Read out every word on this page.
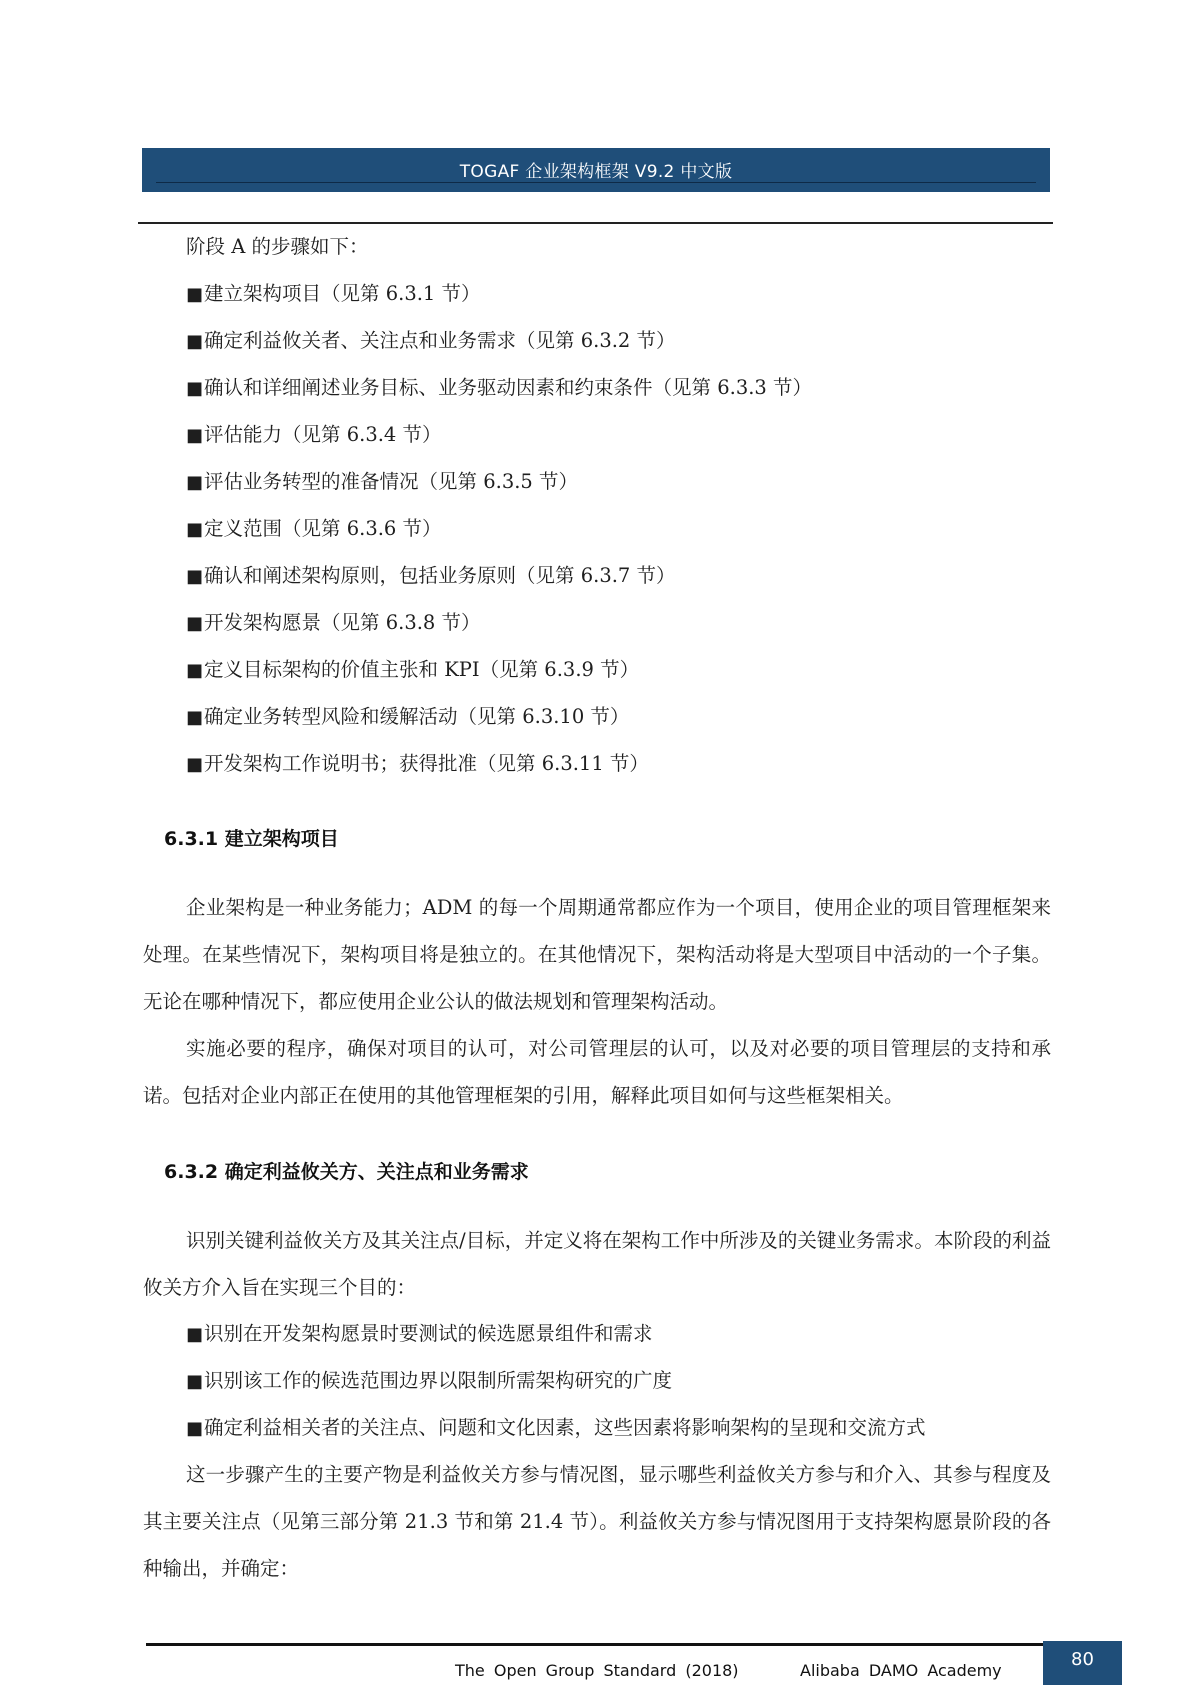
TOGAF 企业架构框架 V9.2 中文版
阶段 A 的步骤如下：
■建立架构项目（见第 6.3.1 节）
■确定利益攸关者、关注点和业务需求（见第 6.3.2 节）
■确认和详细阐述业务目标、业务驱动因素和约束条件（见第 6.3.3 节）
■评估能力（见第 6.3.4 节）
■评估业务转型的准备情况（见第 6.3.5 节）
■定义范围（见第 6.3.6 节）
■确认和阐述架构原则，包括业务原则（见第 6.3.7 节）
■开发架构愿景（见第 6.3.8 节）
■定义目标架构的价值主张和 KPI（见第 6.3.9 节）
■确定业务转型风险和缓解活动（见第 6.3.10 节）
■开发架构工作说明书；获得批准（见第 6.3.11 节）
6.3.1 建立架构项目
企业架构是一种业务能力；ADM 的每一个周期通常都应作为一个项目，使用企业的项目管理框架来处理。在某些情况下，架构项目将是独立的。在其他情况下，架构活动将是大型项目中活动的一个子集。无论在哪种情况下，都应使用企业公认的做法规划和管理架构活动。
实施必要的程序，确保对项目的认可，对公司管理层的认可，以及对必要的项目管理层的支持和承诺。包括对企业内部正在使用的其他管理框架的引用，解释此项目如何与这些框架相关。
6.3.2 确定利益攸关方、关注点和业务需求
识别关键利益攸关方及其关注点/目标，并定义将在架构工作中所涉及的关键业务需求。本阶段的利益攸关方介入旨在实现三个目的：
■识别在开发架构愿景时要测试的候选愿景组件和需求
■识别该工作的候选范围边界以限制所需架构研究的广度
■确定利益相关者的关注点、问题和文化因素，这些因素将影响架构的呈现和交流方式
这一步骤产生的主要产物是利益攸关方参与情况图，显示哪些利益攸关方参与和介入、其参与程度及其主要关注点（见第三部分第 21.3 节和第 21.4 节）。利益攸关方参与情况图用于支持架构愿景阶段的各种输出，并确定：
The Open Group Standard (2018)	Alibaba DAMO Academy
80
